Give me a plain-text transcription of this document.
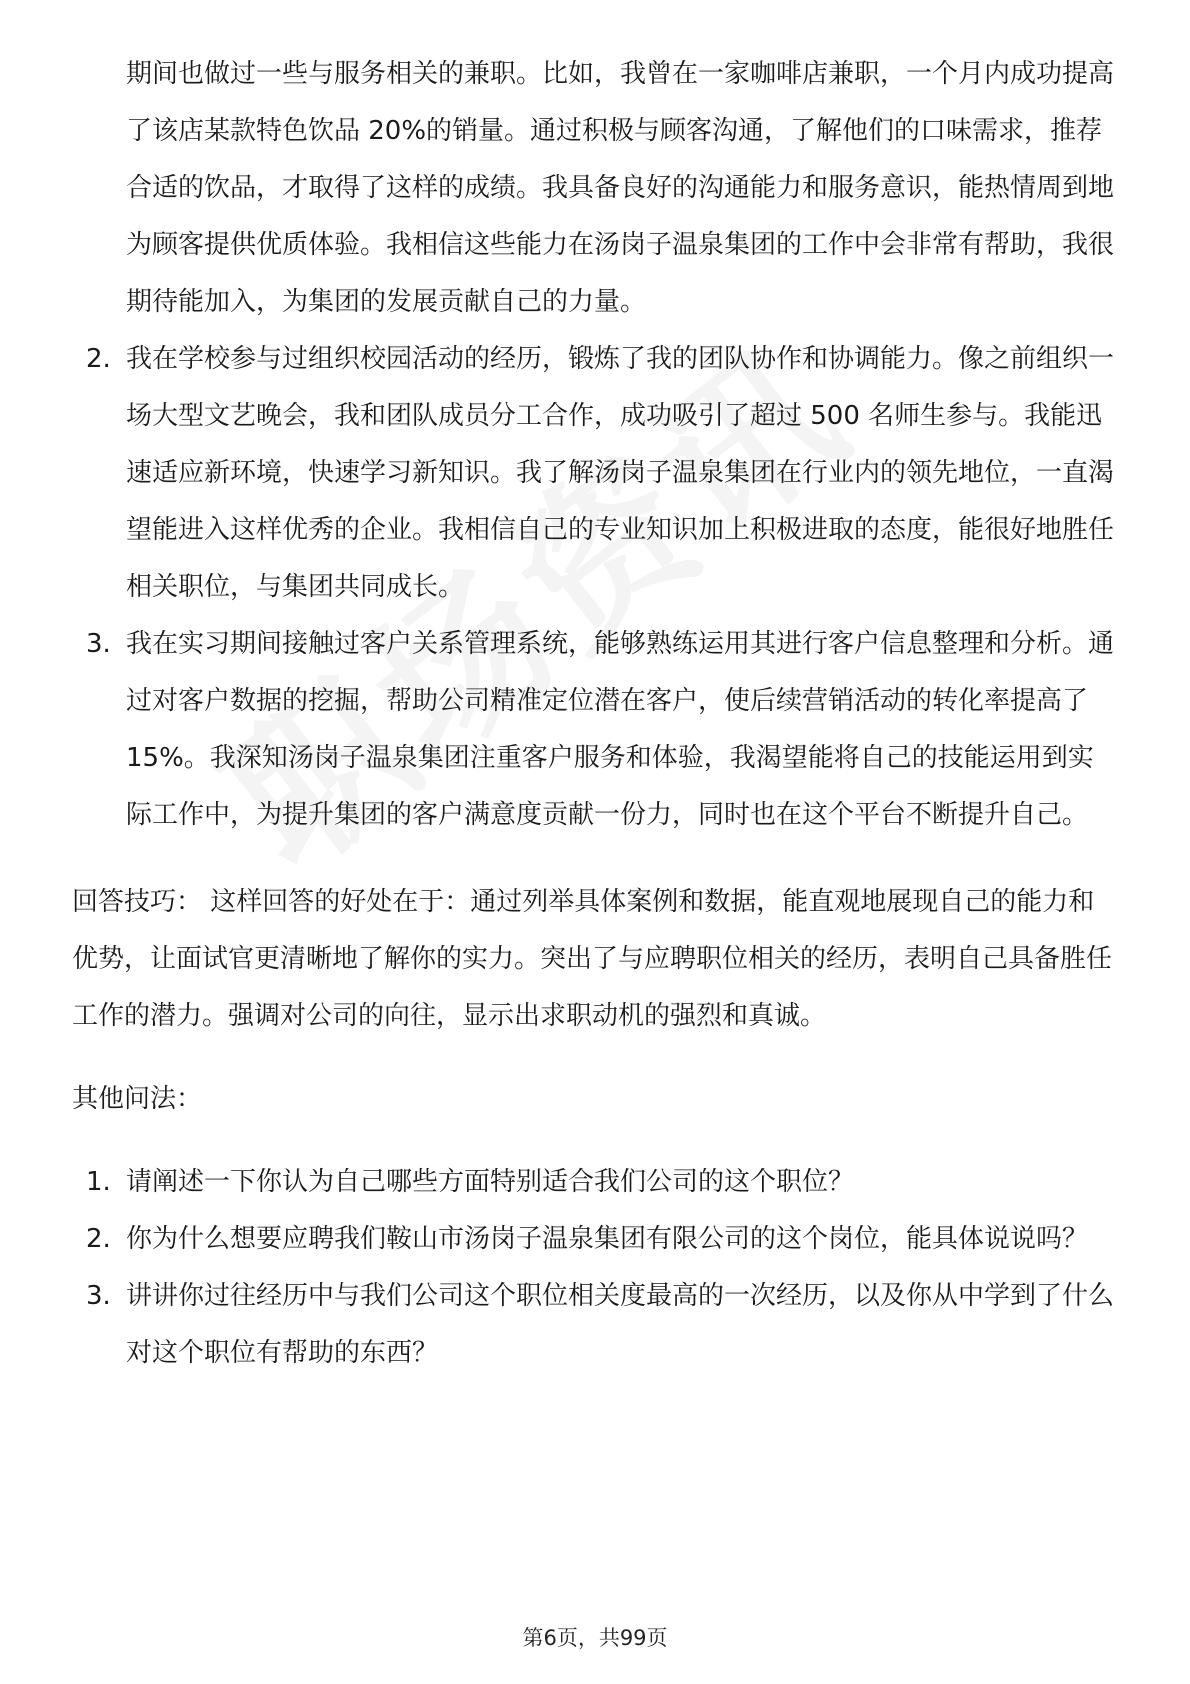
期间也做过一些与服务相关的兼职。比如，我曾在一家咖啡店兼职，一个月内成功提高了该店某款特色饮品 20%的销量。通过积极与顾客沟通，了解他们的口味需求，推荐合适的饮品，才取得了这样的成绩。我具备良好的沟通能力和服务意识，能热情周到地为顾客提供优质体验。我相信这些能力在汤岗子温泉集团的工作中会非常有帮助，我很期待能加入，为集团的发展贡献自己的力量。

2. 我在学校参与过组织校园活动的经历，锻炼了我的团队协作和协调能力。像之前组织一场大型文艺晚会，我和团队成员分工合作，成功吸引了超过 500 名师生参与。我能迅速适应新环境，快速学习新知识。我了解汤岗子温泉集团在行业内的领先地位，一直渴望能进入这样优秀的企业。我相信自己的专业知识加上积极进取的态度，能很好地胜任相关职位，与集团共同成长。
3. 我在实习期间接触过客户关系管理系统，能够熟练运用其进行客户信息整理和分析。通过对客户数据的挖掘，帮助公司精准定位潜在客户，使后续营销活动的转化率提高了 15%。我深知汤岗子温泉集团注重客户服务和体验，我渴望能将自己的技能运用到实际工作中，为提升集团的客户满意度贡献一份力，同时也在这个平台不断提升自己。

回答技巧： 这样回答的好处在于：通过列举具体案例和数据，能直观地展现自己的能力和优势，让面试官更清晰地了解你的实力。突出了与应聘职位相关的经历，表明自己具备胜任工作的潜力。强调对公司的向往，显示出求职动机的强烈和真诚。

其他问法：

1. 请阐述一下你认为自己哪些方面特别适合我们公司的这个职位？
2. 你为什么想要应聘我们鞍山市汤岗子温泉集团有限公司的这个岗位，能具体说说吗？
3. 讲讲你过往经历中与我们公司这个职位相关度最高的一次经历，以及你从中学到了什么对这个职位有帮助的东西？
第6页，共99页
